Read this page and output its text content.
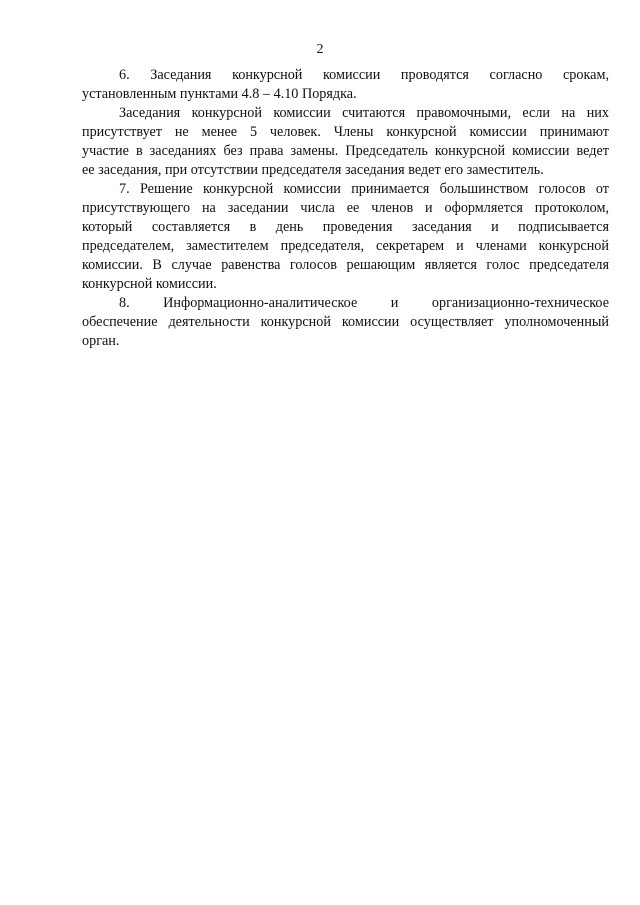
2

6. Заседания конкурсной комиссии проводятся согласно срокам,
установленным пунктами 4.8 – 4.10 Порядка.

Заседания конкурсной комиссии считаются правомочными, если на них
присутствует не менее 5 человек. Члены конкурсной комиссии принимают
участие в заседаниях без права замены. Председатель конкурсной комиссии ведет
ее заседания, при отсутствии председателя заседания ведет его заместитель.

7. Решение конкурсной комиссии принимается большинством голосов от
присутствующего на заседании числа ее членов и оформляется протоколом,
который составляется в день проведения заседания и подписывается
председателем, заместителем председателя, секретарем и членами конкурсной
комиссии. В случае равенства голосов решающим является голос председателя
конкурсной комиссии.

8. Информационно-аналитическое и организационно-техническое
обеспечение деятельности конкурсной комиссии осуществляет уполномоченный
орган.
